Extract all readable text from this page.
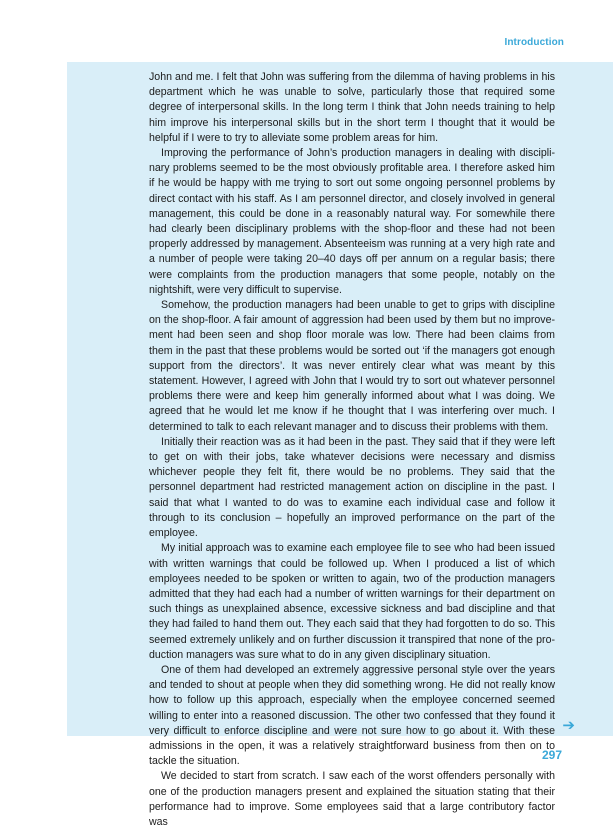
Introduction

John and me. I felt that John was suffering from the dilemma of having problems in his department which he was unable to solve, particularly those that required some degree of interpersonal skills. In the long term I think that John needs training to help him improve his interpersonal skills but in the short term I thought that it would be helpful if I were to try to alleviate some problem areas for him.

Improving the performance of John’s production managers in dealing with disciplinary problems seemed to be the most obviously profitable area. I therefore asked him if he would be happy with me trying to sort out some ongoing personnel problems by direct contact with his staff. As I am personnel director, and closely involved in general management, this could be done in a reasonably natural way. For somewhile there had clearly been disciplinary problems with the shop-floor and these had not been properly addressed by management. Absenteeism was running at a very high rate and a number of people were taking 20–40 days off per annum on a regular basis; there were complaints from the production managers that some people, notably on the nightshift, were very difficult to supervise.

Somehow, the production managers had been unable to get to grips with discipline on the shop-floor. A fair amount of aggression had been used by them but no improvement had been seen and shop floor morale was low. There had been claims from them in the past that these problems would be sorted out ‘if the managers got enough support from the directors’. It was never entirely clear what was meant by this statement. However, I agreed with John that I would try to sort out whatever personnel problems there were and keep him generally informed about what I was doing. We agreed that he would let me know if he thought that I was interfering over much. I determined to talk to each relevant manager and to discuss their problems with them.

Initially their reaction was as it had been in the past. They said that if they were left to get on with their jobs, take whatever decisions were necessary and dismiss whichever people they felt fit, there would be no problems. They said that the personnel department had restricted management action on discipline in the past. I said that what I wanted to do was to examine each individual case and follow it through to its conclusion – hopefully an improved performance on the part of the employee.

My initial approach was to examine each employee file to see who had been issued with written warnings that could be followed up. When I produced a list of which employees needed to be spoken or written to again, two of the production managers admitted that they had each had a number of written warnings for their department on such things as unexplained absence, excessive sickness and bad discipline and that they had failed to hand them out. They each said that they had forgotten to do so. This seemed extremely unlikely and on further discussion it transpired that none of the production managers was sure what to do in any given disciplinary situation.

One of them had developed an extremely aggressive personal style over the years and tended to shout at people when they did something wrong. He did not really know how to follow up this approach, especially when the employee concerned seemed willing to enter into a reasoned discussion. The other two confessed that they found it very difficult to enforce discipline and were not sure how to go about it. With these admissions in the open, it was a relatively straightforward business from then on to tackle the situation.

We decided to start from scratch. I saw each of the worst offenders personally with one of the production managers present and explained the situation stating that their performance had to improve. Some employees said that a large contributory factor was

➔
297
